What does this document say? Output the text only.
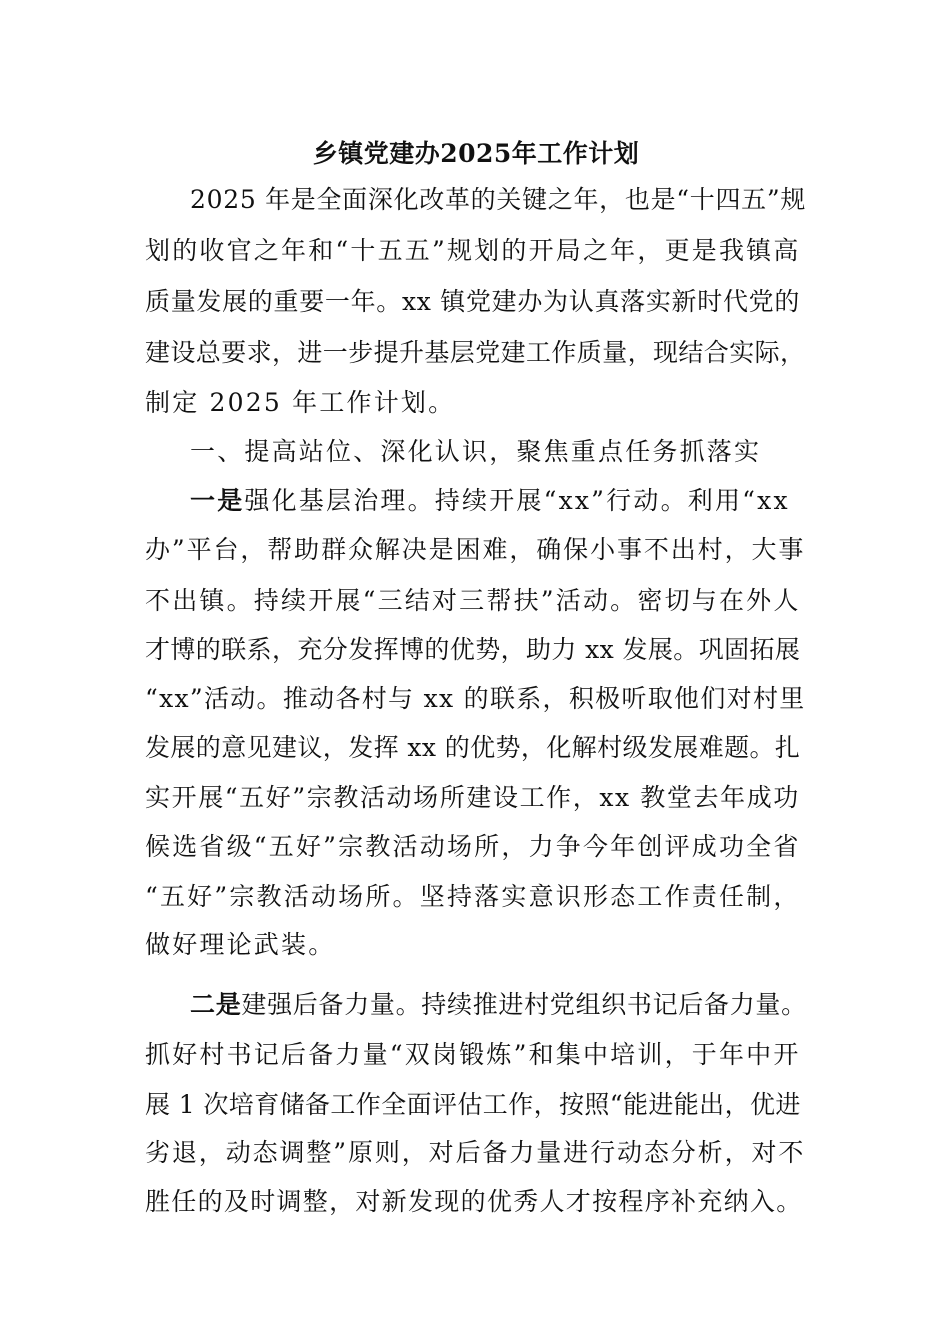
乡镇党建办2025年工作计划
2025 年是全面深化改革的关键之年，也是“十四五”规
划的收官之年和“十五五”规划的开局之年，更是我镇高
质量发展的重要一年。xx 镇党建办为认真落实新时代党的
建设总要求，进一步提升基层党建工作质量，现结合实际，
制定 2025 年工作计划。
一、提高站位、深化认识，聚焦重点任务抓落实
一是强化基层治理。持续开展“xx”行动。利用“xx
办”平台，帮助群众解决是困难，确保小事不出村，大事
不出镇。持续开展“三结对三帮扶”活动。密切与在外人
才博的联系，充分发挥博的优势，助力 xx 发展。巩固拓展
“xx”活动。推动各村与 xx 的联系，积极听取他们对村里
发展的意见建议，发挥 xx 的优势，化解村级发展难题。扎
实开展“五好”宗教活动场所建设工作，xx 教堂去年成功
候选省级“五好”宗教活动场所，力争今年创评成功全省
“五好”宗教活动场所。坚持落实意识形态工作责任制，
做好理论武装。
二是建强后备力量。持续推进村党组织书记后备力量。
抓好村书记后备力量“双岗锻炼”和集中培训，于年中开
展 1 次培育储备工作全面评估工作，按照“能进能出，优进
劣退，动态调整”原则，对后备力量进行动态分析，对不
胜任的及时调整，对新发现的优秀人才按程序补充纳入。
